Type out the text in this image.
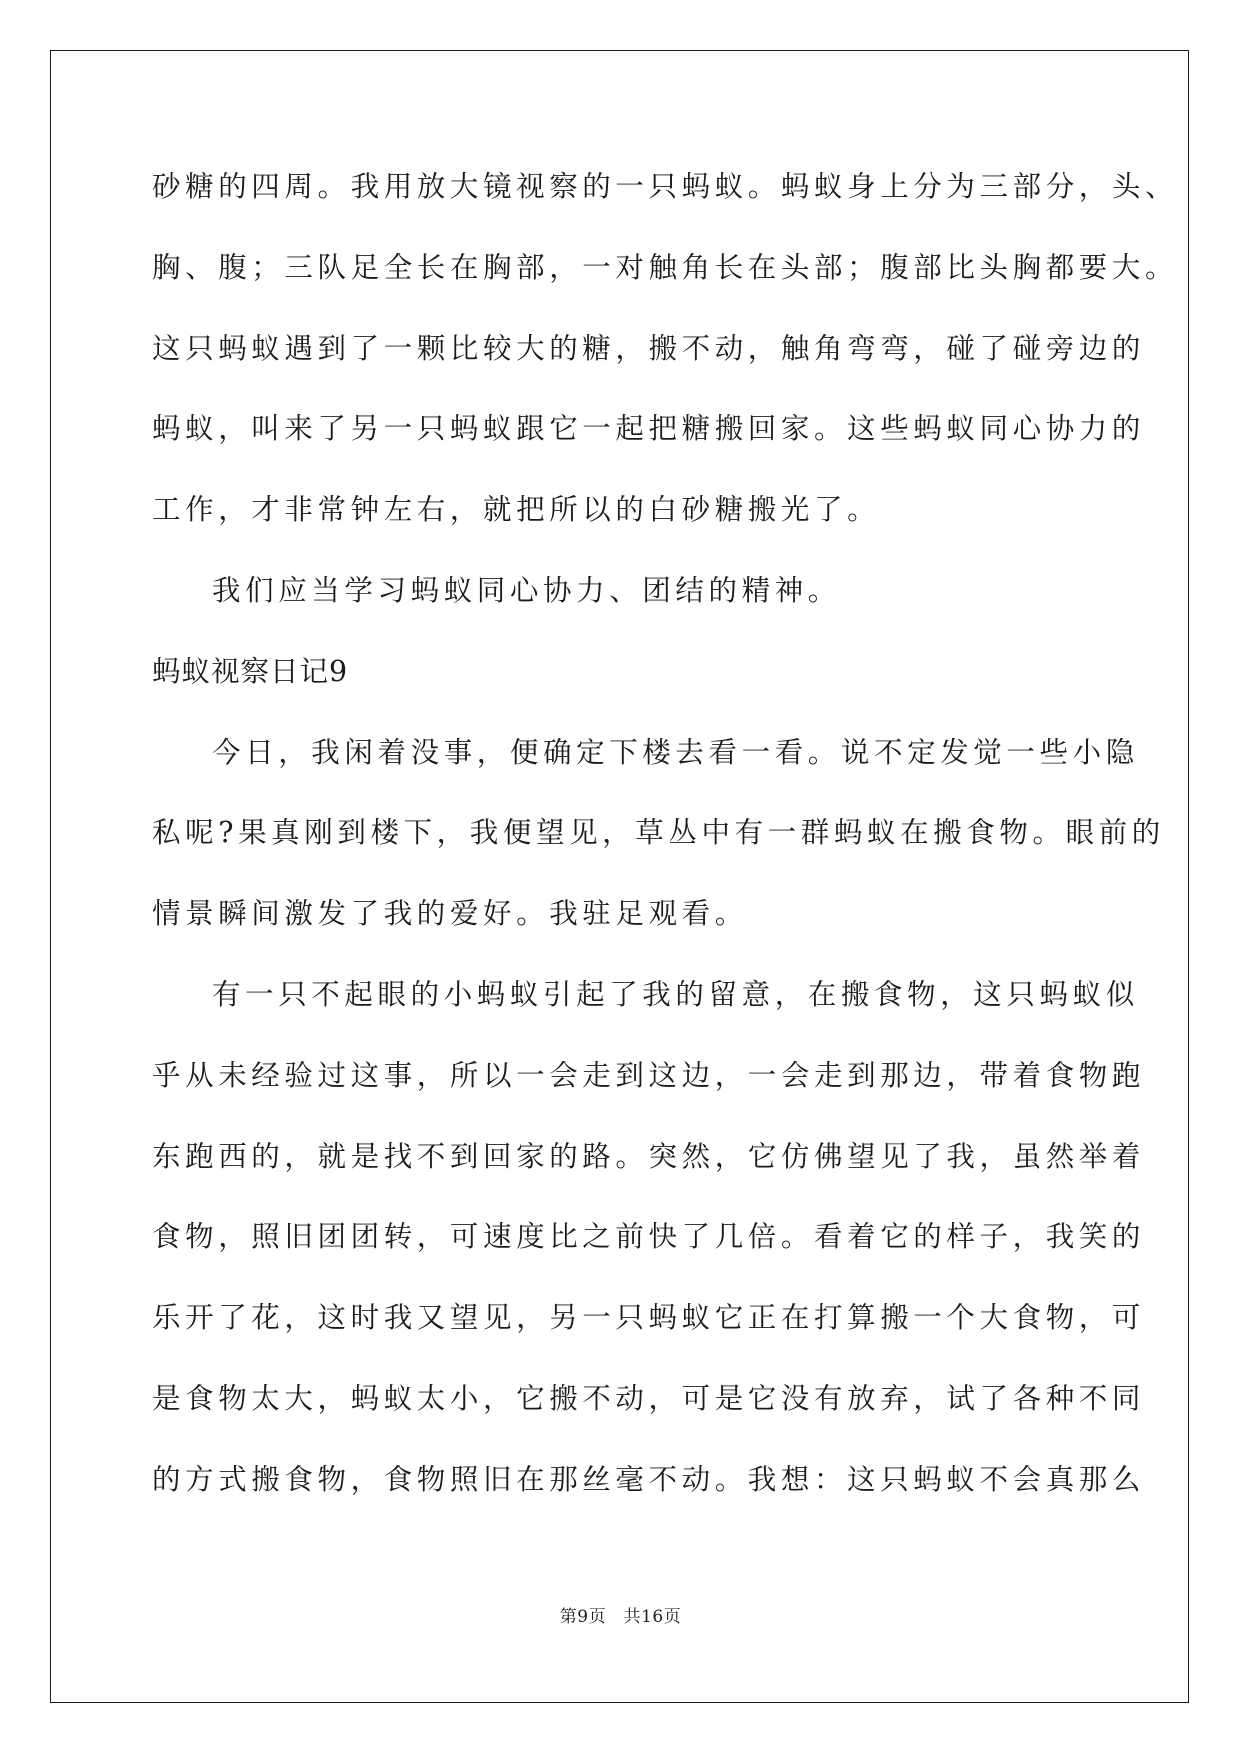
砂糖的四周。我用放大镜视察的一只蚂蚁。蚂蚁身上分为三部分，头、
胸、腹；三队足全长在胸部，一对触角长在头部；腹部比头胸都要大。
这只蚂蚁遇到了一颗比较大的糖，搬不动，触角弯弯，碰了碰旁边的
蚂蚁，叫来了另一只蚂蚁跟它一起把糖搬回家。这些蚂蚁同心协力的
工作，才非常钟左右，就把所以的白砂糖搬光了。
我们应当学习蚂蚁同心协力、团结的精神。
蚂蚁视察日记9
今日，我闲着没事，便确定下楼去看一看。说不定发觉一些小隐
私呢?果真刚到楼下，我便望见，草丛中有一群蚂蚁在搬食物。眼前的
情景瞬间激发了我的爱好。我驻足观看。
有一只不起眼的小蚂蚁引起了我的留意，在搬食物，这只蚂蚁似
乎从未经验过这事，所以一会走到这边，一会走到那边，带着食物跑
东跑西的，就是找不到回家的路。突然，它仿佛望见了我，虽然举着
食物，照旧团团转，可速度比之前快了几倍。看着它的样子，我笑的
乐开了花，这时我又望见，另一只蚂蚁它正在打算搬一个大食物，可
是食物太大，蚂蚁太小，它搬不动，可是它没有放弃，试了各种不同
的方式搬食物，食物照旧在那丝毫不动。我想：这只蚂蚁不会真那么
第9页　共16页
